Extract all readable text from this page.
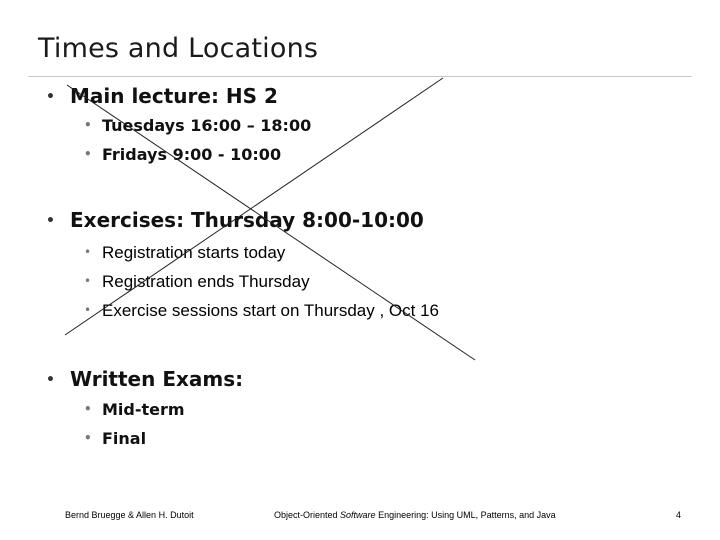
Times and Locations
• Main lecture: HS 2
• Tuesdays 16:00 – 18:00
• Fridays 9:00 - 10:00
• Exercises: Thursday 8:00-10:00
• Registration starts today
• Registration ends Thursday
• Exercise sessions start on Thursday , Oct 16
• Written Exams:
• Mid-term
• Final
Bernd Bruegge & Allen H. Dutoit	Object-Oriented Software Engineering: Using UML, Patterns, and Java	4
